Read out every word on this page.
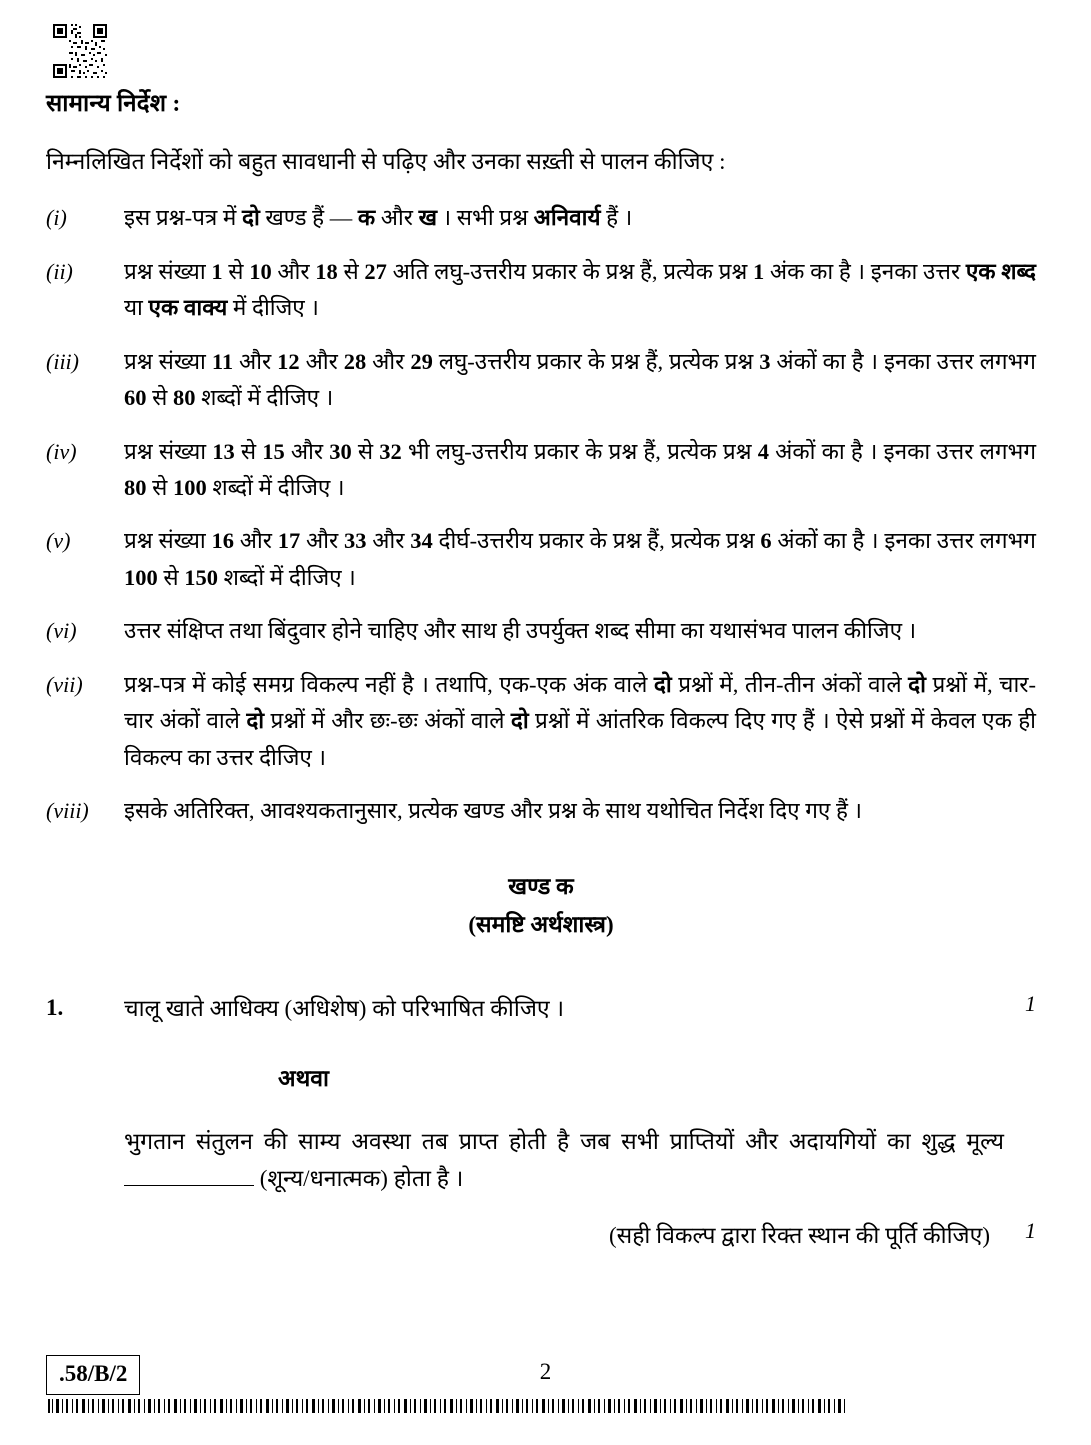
सामान्य निर्देश :
निम्नलिखित निर्देशों को बहुत सावधानी से पढ़िए और उनका सख़्ती से पालन कीजिए :
(i)	इस प्रश्न-पत्र में दो खण्ड हैं — क और ख । सभी प्रश्न अनिवार्य हैं ।
(ii)	प्रश्न संख्या 1 से 10 और 18 से 27 अति लघु-उत्तरीय प्रकार के प्रश्न हैं, प्रत्येक प्रश्न 1 अंक का है । इनका उत्तर एक शब्द या एक वाक्य में दीजिए ।
(iii)	प्रश्न संख्या 11 और 12 और 28 और 29 लघु-उत्तरीय प्रकार के प्रश्न हैं, प्रत्येक प्रश्न 3 अंकों का है । इनका उत्तर लगभग 60 से 80 शब्दों में दीजिए ।
(iv)	प्रश्न संख्या 13 से 15 और 30 से 32 भी लघु-उत्तरीय प्रकार के प्रश्न हैं, प्रत्येक प्रश्न 4 अंकों का है । इनका उत्तर लगभग 80 से 100 शब्दों में दीजिए ।
(v)	प्रश्न संख्या 16 और 17 और 33 और 34 दीर्घ-उत्तरीय प्रकार के प्रश्न हैं, प्रत्येक प्रश्न 6 अंकों का है । इनका उत्तर लगभग 100 से 150 शब्दों में दीजिए ।
(vi)	उत्तर संक्षिप्त तथा बिंदुवार होने चाहिए और साथ ही उपर्युक्त शब्द सीमा का यथासंभव पालन कीजिए ।
(vii)	प्रश्न-पत्र में कोई समग्र विकल्प नहीं है । तथापि, एक-एक अंक वाले दो प्रश्नों में, तीन-तीन अंकों वाले दो प्रश्नों में, चार-चार अंकों वाले दो प्रश्नों में और छः-छः अंकों वाले दो प्रश्नों में आंतरिक विकल्प दिए गए हैं । ऐसे प्रश्नों में केवल एक ही विकल्प का उत्तर दीजिए ।
(viii)	इसके अतिरिक्त, आवश्यकतानुसार, प्रत्येक खण्ड और प्रश्न के साथ यथोचित निर्देश दिए गए हैं ।
खण्ड क
(समष्टि अर्थशास्त्र)
1.	चालू खाते आधिक्य (अधिशेष) को परिभाषित कीजिए ।	1
अथवा
भुगतान संतुलन की साम्य अवस्था तब प्राप्त होती है जब सभी प्राप्तियों और अदायगियों का शुद्ध मूल्य  (शून्य/धनात्मक) होता है ।
(सही विकल्प द्वारा रिक्त स्थान की पूर्ति कीजिए) 1
.58/B/2	2
